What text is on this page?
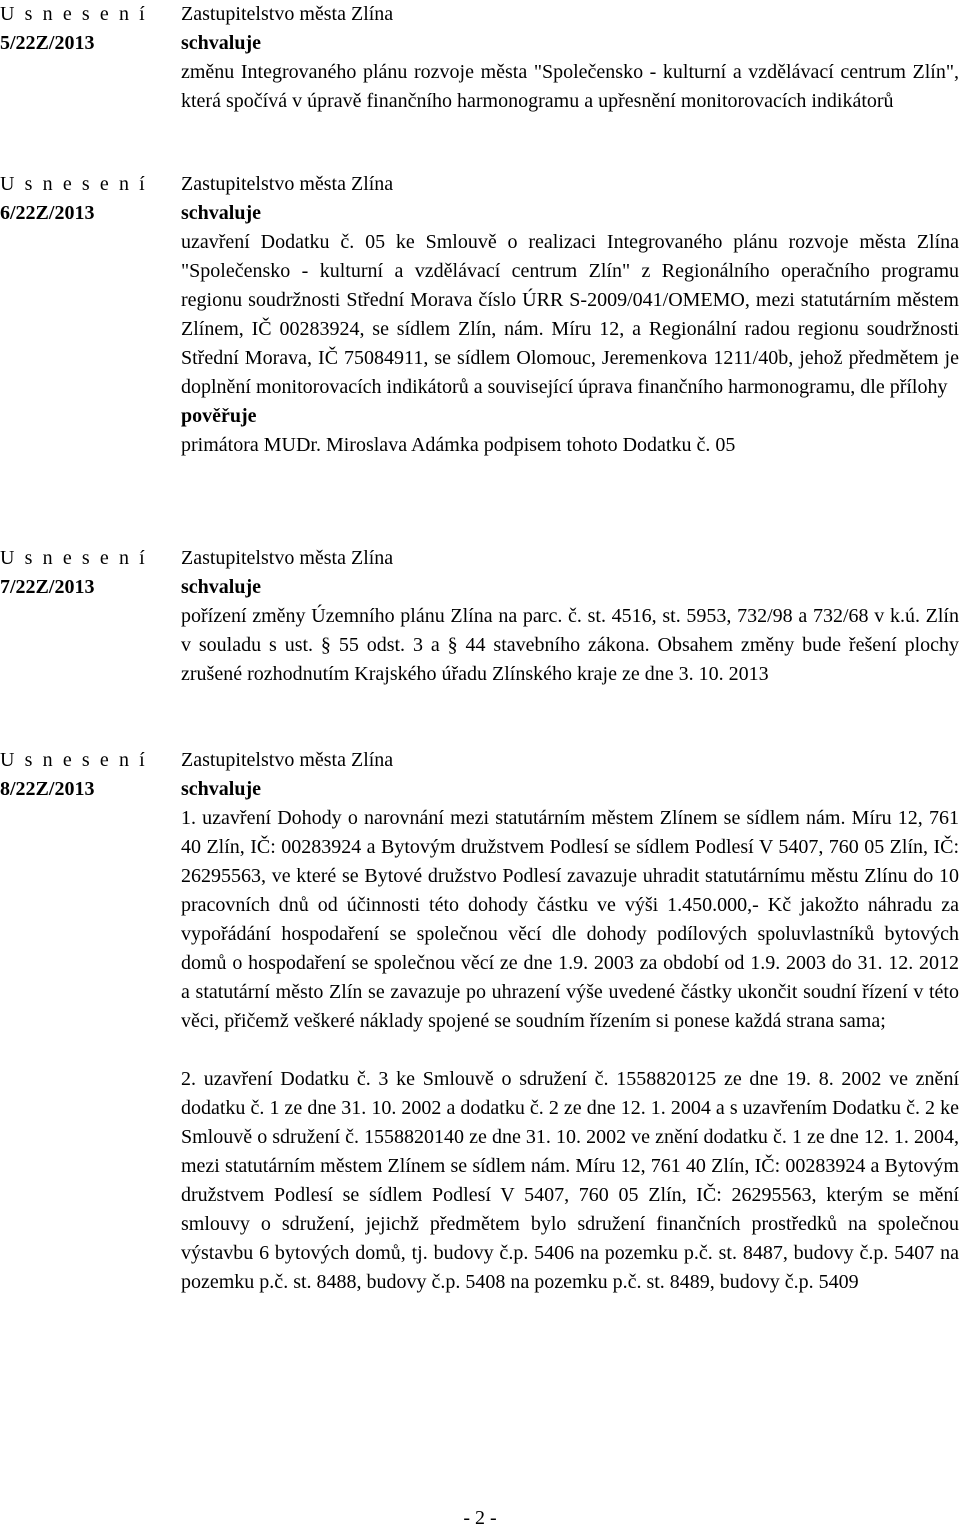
U s n e s e n í
5/22Z/2013
Zastupitelstvo města Zlína
schvaluje

změnu Integrovaného plánu rozvoje města "Společensko - kulturní a vzdělávací centrum Zlín", která spočívá v úpravě finančního harmonogramu a upřesnění monitorovacích indikátorů

U s n e s e n í
6/22Z/2013
Zastupitelstvo města Zlína
schvaluje

uzavření Dodatku č. 05 ke Smlouvě o realizaci Integrovaného plánu rozvoje města Zlína "Společensko - kulturní a vzdělávací centrum Zlín" z Regionálního operačního programu regionu soudržnosti Střední Morava číslo ÚRR S-2009/041/OMEMO, mezi statutárním městem Zlínem, IČ 00283924, se sídlem Zlín, nám. Míru 12, a Regionální radou regionu soudržnosti Střední Morava, IČ 75084911, se sídlem Olomouc, Jeremenkova 1211/40b, jehož předmětem je doplnění monitorovacích indikátorů a související úprava finančního harmonogramu, dle přílohy

pověřuje

primátora MUDr. Miroslava Adámka podpisem tohoto Dodatku č. 05

U s n e s e n í
7/22Z/2013
Zastupitelstvo města Zlína
schvaluje

pořízení změny Územního plánu Zlína na parc. č. st. 4516, st. 5953, 732/98 a 732/68 v k.ú. Zlín v souladu s ust. § 55 odst. 3 a § 44 stavebního zákona. Obsahem změny bude řešení plochy zrušené rozhodnutím Krajského úřadu Zlínského kraje ze dne 3. 10. 2013

U s n e s e n í
8/22Z/2013
Zastupitelstvo města Zlína
schvaluje

1. uzavření Dohody o narovnání mezi statutárním městem Zlínem se sídlem nám. Míru 12, 761 40 Zlín, IČ: 00283924 a Bytovým družstvem Podlesí se sídlem Podlesí V 5407, 760 05 Zlín, IČ: 26295563, ve které se Bytové družstvo Podlesí zavazuje uhradit statutárnímu městu Zlínu do 10 pracovních dnů od účinnosti této dohody částku ve výši 1.450.000,- Kč jakožto náhradu za vypořádání hospodaření se společnou věcí dle dohody podílových spoluvlastníků bytových domů o hospodaření se společnou věcí ze dne 1.9. 2003 za období od 1.9. 2003 do 31. 12. 2012 a statutární město Zlín se zavazuje po uhrazení výše uvedené částky ukončit soudní řízení v této věci, přičemž veškeré náklady spojené se soudním řízením si ponese každá strana sama;

2. uzavření Dodatku č. 3 ke Smlouvě o sdružení č. 1558820125 ze dne 19. 8. 2002 ve znění dodatku č. 1 ze dne 31. 10. 2002 a dodatku č. 2 ze dne 12. 1. 2004 a s uzavřením Dodatku č. 2 ke Smlouvě o sdružení č. 1558820140 ze dne 31. 10. 2002 ve znění dodatku č. 1 ze dne 12. 1. 2004, mezi statutárním městem Zlínem se sídlem nám. Míru 12, 761 40 Zlín, IČ: 00283924 a Bytovým družstvem Podlesí se sídlem Podlesí V 5407, 760 05 Zlín, IČ: 26295563, kterým se mění smlouvy o sdružení, jejichž předmětem bylo sdružení finančních prostředků na společnou výstavbu 6 bytových domů, tj. budovy č.p. 5406 na pozemku p.č. st. 8487, budovy č.p. 5407 na pozemku p.č. st. 8488, budovy č.p. 5408 na pozemku p.č. st. 8489, budovy č.p. 5409

- 2 -
